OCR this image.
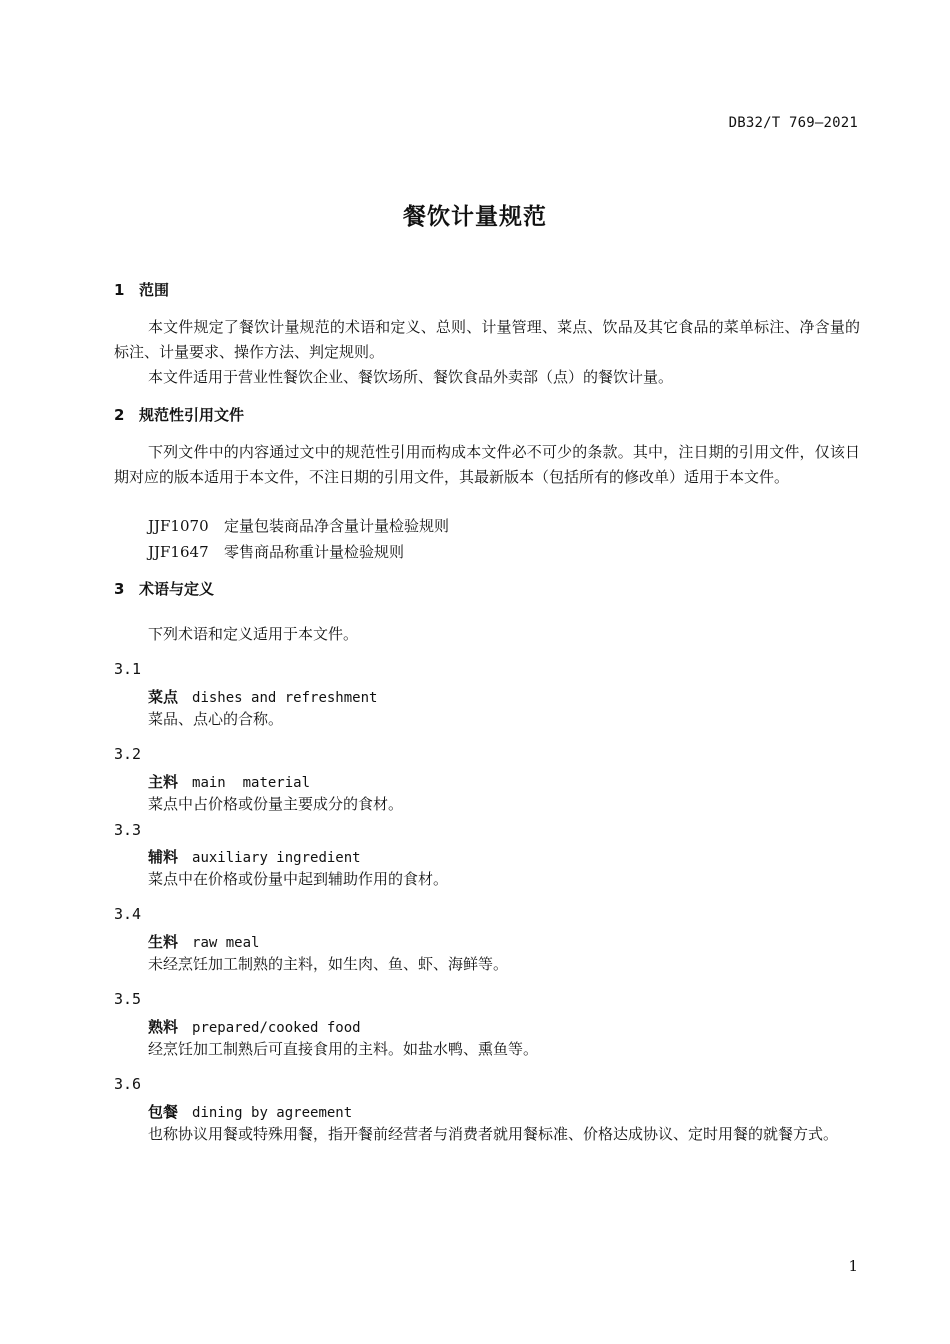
DB32/T 769—2021
餐饮计量规范
1 范围
本文件规定了餐饮计量规范的术语和定义、总则、计量管理、菜点、饮品及其它食品的菜单标注、净含量的标注、计量要求、操作方法、判定规则。
本文件适用于营业性餐饮企业、餐饮场所、餐饮食品外卖部（点）的餐饮计量。
2 规范性引用文件
下列文件中的内容通过文中的规范性引用而构成本文件必不可少的条款。其中，注日期的引用文件，仅该日期对应的版本适用于本文件，不注日期的引用文件，其最新版本（包括所有的修改单）适用于本文件。
JJF1070 定量包装商品净含量计量检验规则
JJF1647 零售商品称重计量检验规则
3 术语与定义
下列术语和定义适用于本文件。
3.1
菜点 dishes and refreshment
菜品、点心的合称。
3.2
主料 main  material
菜点中占价格或份量主要成分的食材。
3.3
辅料 auxiliary ingredient
菜点中在价格或份量中起到辅助作用的食材。
3.4
生料 raw meal
未经烹饪加工制熟的主料，如生肉、鱼、虾、海鲜等。
3.5
熟料 prepared/cooked food
经烹饪加工制熟后可直接食用的主料。如盐水鸭、熏鱼等。
3.6
包餐 dining by agreement
也称协议用餐或特殊用餐，指开餐前经营者与消费者就用餐标准、价格达成协议、定时用餐的就餐方式。
1
